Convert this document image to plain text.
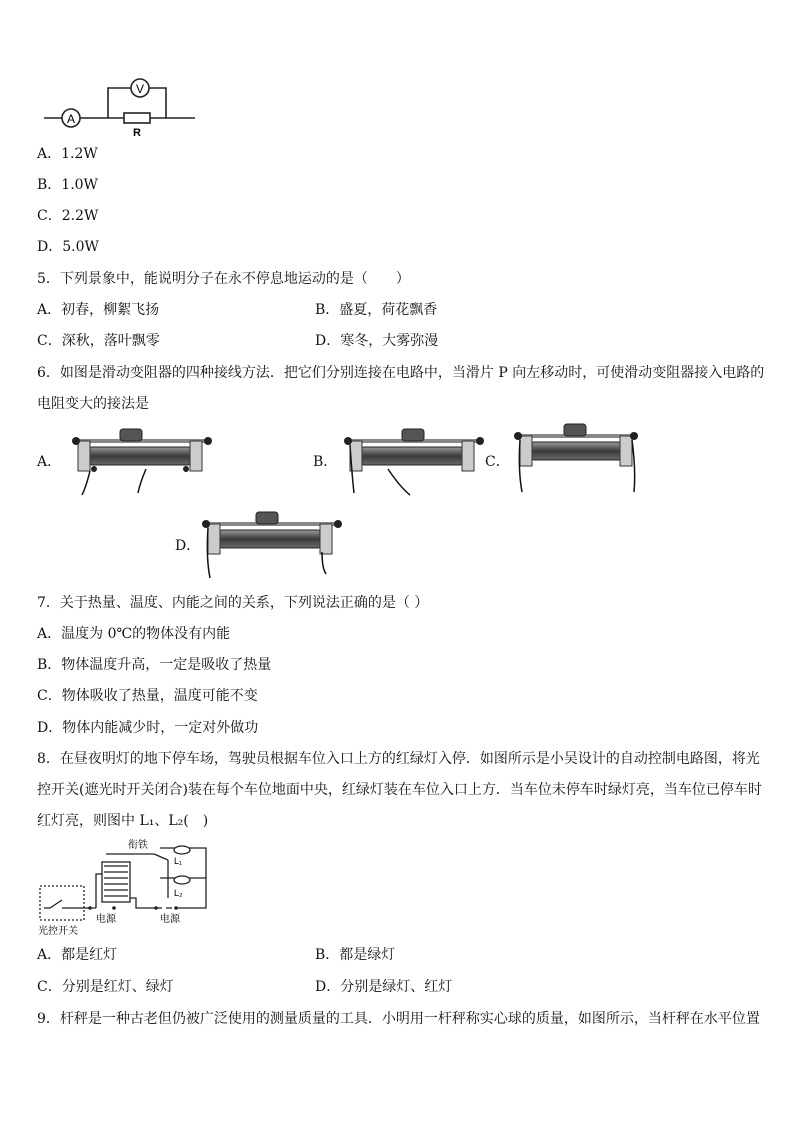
A
V
R
A．1.2W
B．1.0W
C．2.2W
D．5.0W
5．下列景象中，能说明分子在永不停息地运动的是（　　）
A．初春，柳絮飞扬	B．盛夏，荷花飘香
C．深秋，落叶飘零	D．寒冬，大雾弥漫
6．如图是滑动变阻器的四种接线方法．把它们分别连接在电路中，当滑片 P 向左移动时，可使滑动变阻器接入电路的
电阻变大的接法是
A．	B．	C．
D．
7．关于热量、温度、内能之间的关系，下列说法正确的是（ ）
A．温度为 0℃的物体没有内能
B．物体温度升高，一定是吸收了热量
C．物体吸收了热量，温度可能不变
D．物体内能减少时，一定对外做功
8．在昼夜明灯的地下停车场，驾驶员根据车位入口上方的红绿灯入停．如图所示是小吴设计的自动控制电路图，将光
控开关(遮光时开关闭合)装在每个车位地面中央，红绿灯装在车位入口上方．当车位未停车时绿灯亮，当车位已停车时
红灯亮，则图中 L₁、L₂(　)
衔铁
L₁
L₂
电源	电源
光控开关
A．都是红灯	B．都是绿灯
C．分别是红灯、绿灯	D．分别是绿灯、红灯
9．杆秤是一种古老但仍被广泛使用的测量质量的工具．小明用一杆秤称实心球的质量，如图所示，当杆秤在水平位置
